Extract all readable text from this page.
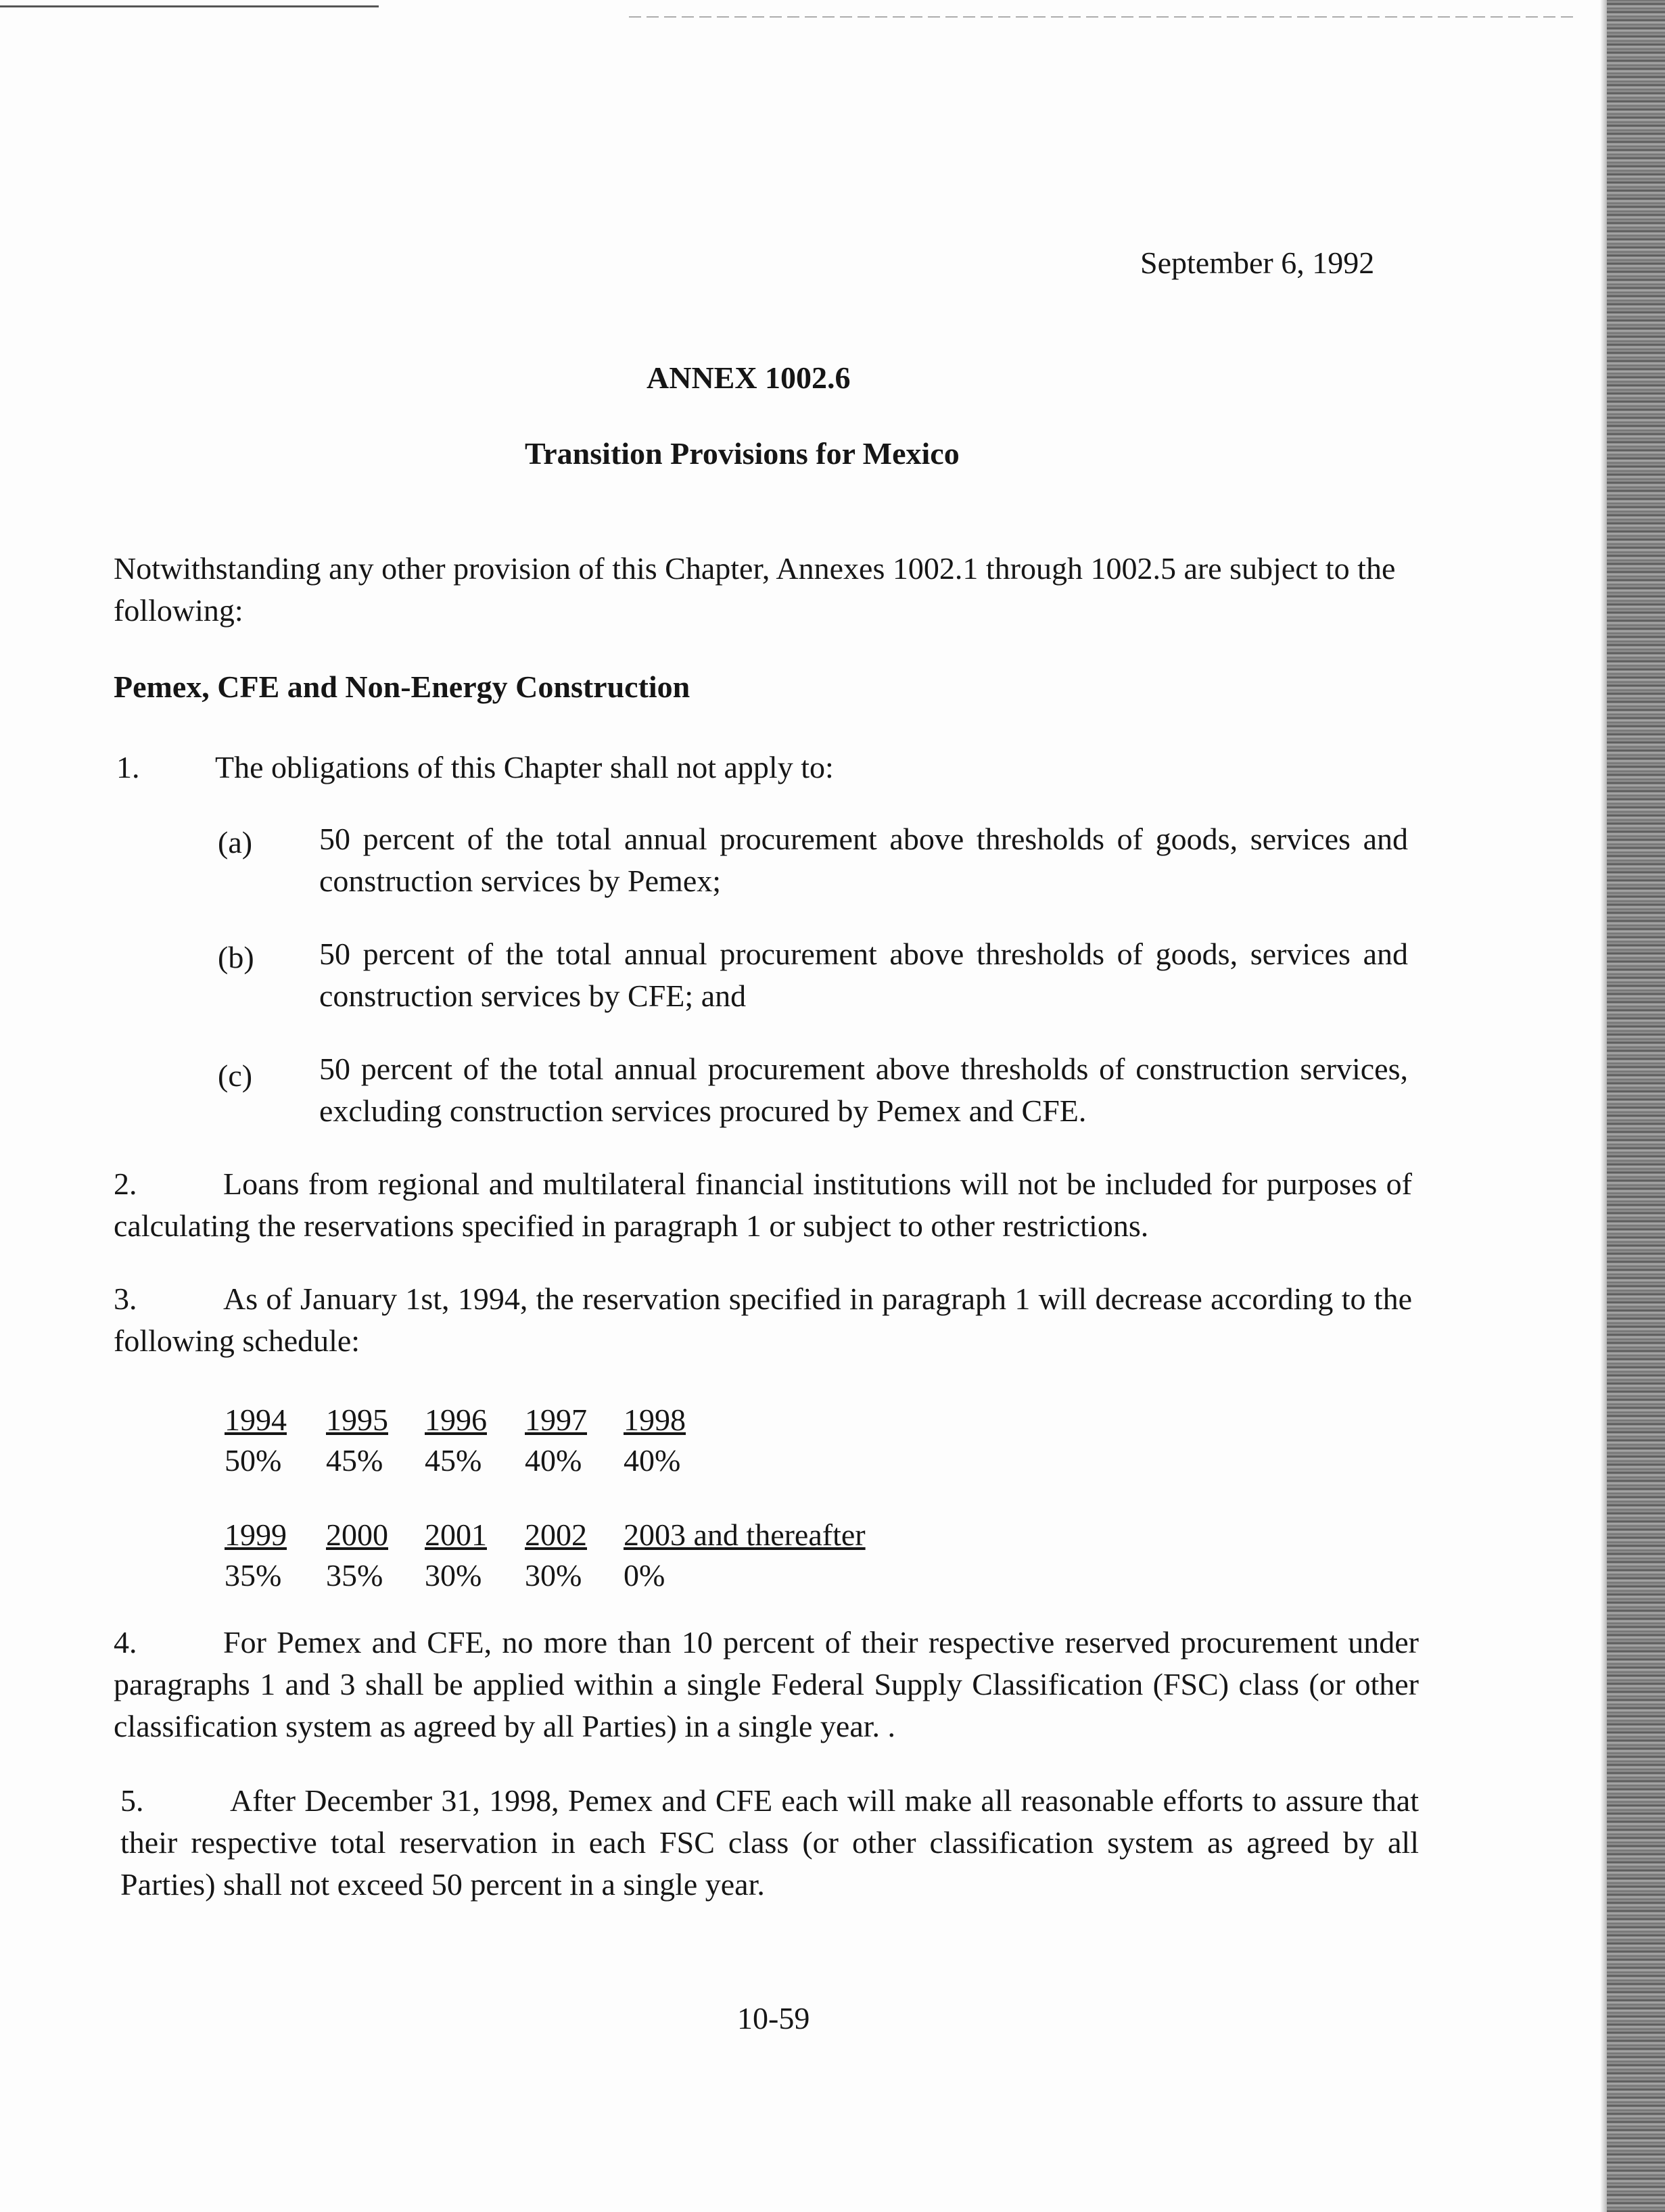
September 6, 1992
ANNEX 1002.6
Transition Provisions for Mexico
Notwithstanding any other provision of this Chapter, Annexes 1002.1 through 1002.5 are subject to the following:
Pemex, CFE and Non-Energy Construction
1. The obligations of this Chapter shall not apply to:
(a) 50 percent of the total annual procurement above thresholds of goods, services and construction services by Pemex;
(b) 50 percent of the total annual procurement above thresholds of goods, services and construction services by CFE; and
(c) 50 percent of the total annual procurement above thresholds of construction services, excluding construction services procured by Pemex and CFE.
2.	Loans from regional and multilateral financial institutions will not be included for purposes of calculating the reservations specified in paragraph 1 or subject to other restrictions.
3.	As of January 1st, 1994, the reservation specified in paragraph 1 will decrease according to the following schedule:
1994 1995 1996 1997 1998
50% 45% 45% 40% 40%
1999 2000 2001 2002 2003 and thereafter
35% 35% 30% 30% 0%
4.	For Pemex and CFE, no more than 10 percent of their respective reserved procurement under paragraphs 1 and 3 shall be applied within a single Federal Supply Classification (FSC) class (or other classification system as agreed by all Parties) in a single year. .
5.	After December 31, 1998, Pemex and CFE each will make all reasonable efforts to assure that their respective total reservation in each FSC class (or other classification system as agreed by all Parties) shall not exceed 50 percent in a single year.
10-59
